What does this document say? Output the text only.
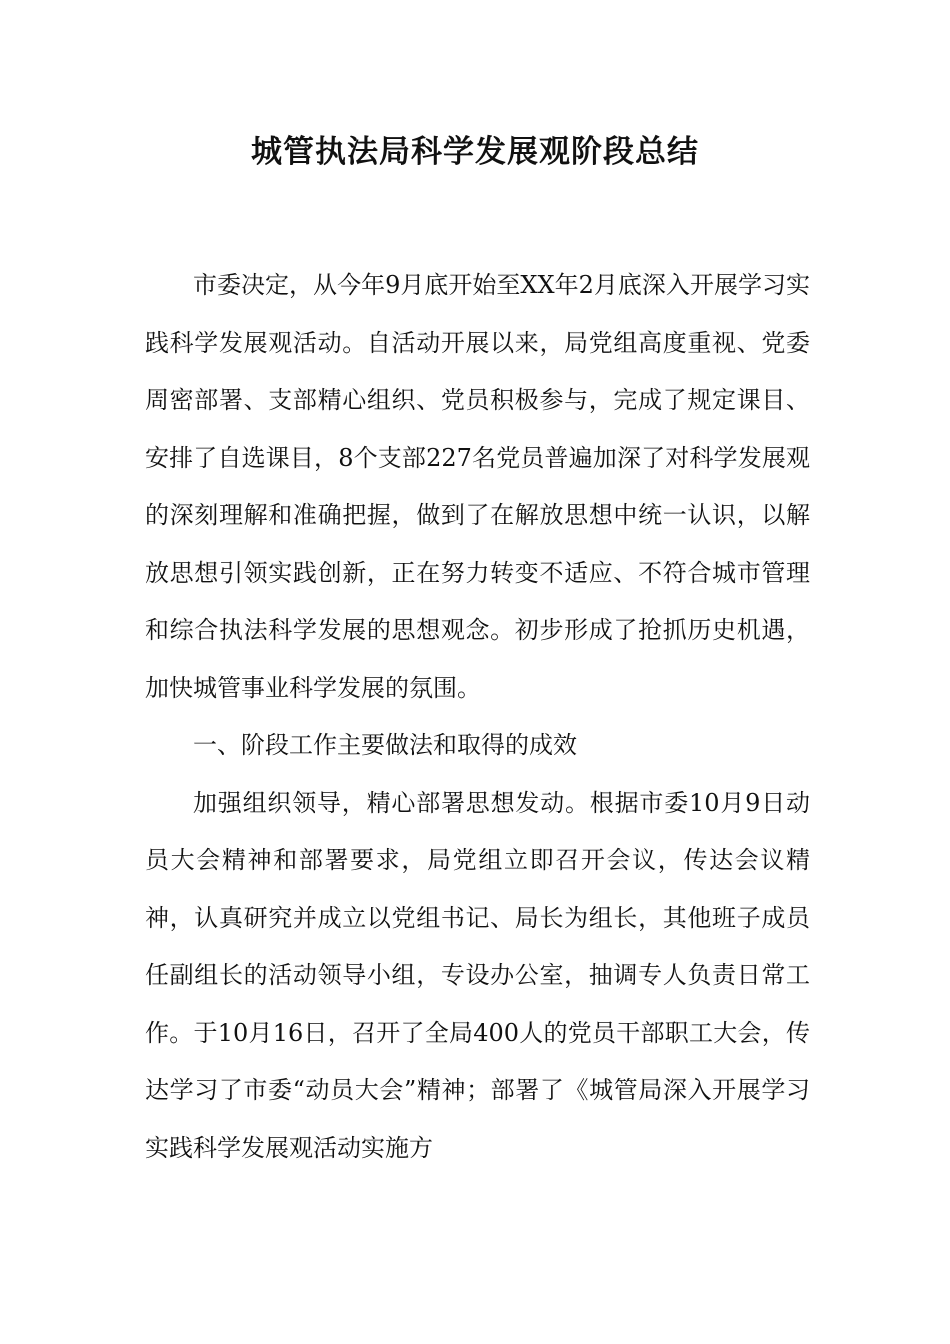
城管执法局科学发展观阶段总结

市委决定，从今年9月底开始至XX年2月底深入开展学习实践科学发展观活动。自活动开展以来，局党组高度重视、党委周密部署、支部精心组织、党员积极参与，完成了规定课目、安排了自选课目，8个支部227名党员普遍加深了对科学发展观的深刻理解和准确把握，做到了在解放思想中统一认识，以解放思想引领实践创新，正在努力转变不适应、不符合城市管理和综合执法科学发展的思想观念。初步形成了抢抓历史机遇，加快城管事业科学发展的氛围。

一、阶段工作主要做法和取得的成效

加强组织领导，精心部署思想发动。根据市委10月9日动员大会精神和部署要求，局党组立即召开会议，传达会议精神，认真研究并成立以党组书记、局长为组长，其他班子成员任副组长的活动领导小组，专设办公室，抽调专人负责日常工作。于10月16日，召开了全局400人的党员干部职工大会，传达学习了市委“动员大会”精神；部署了《城管局深入开展学习实践科学发展观活动实施方
